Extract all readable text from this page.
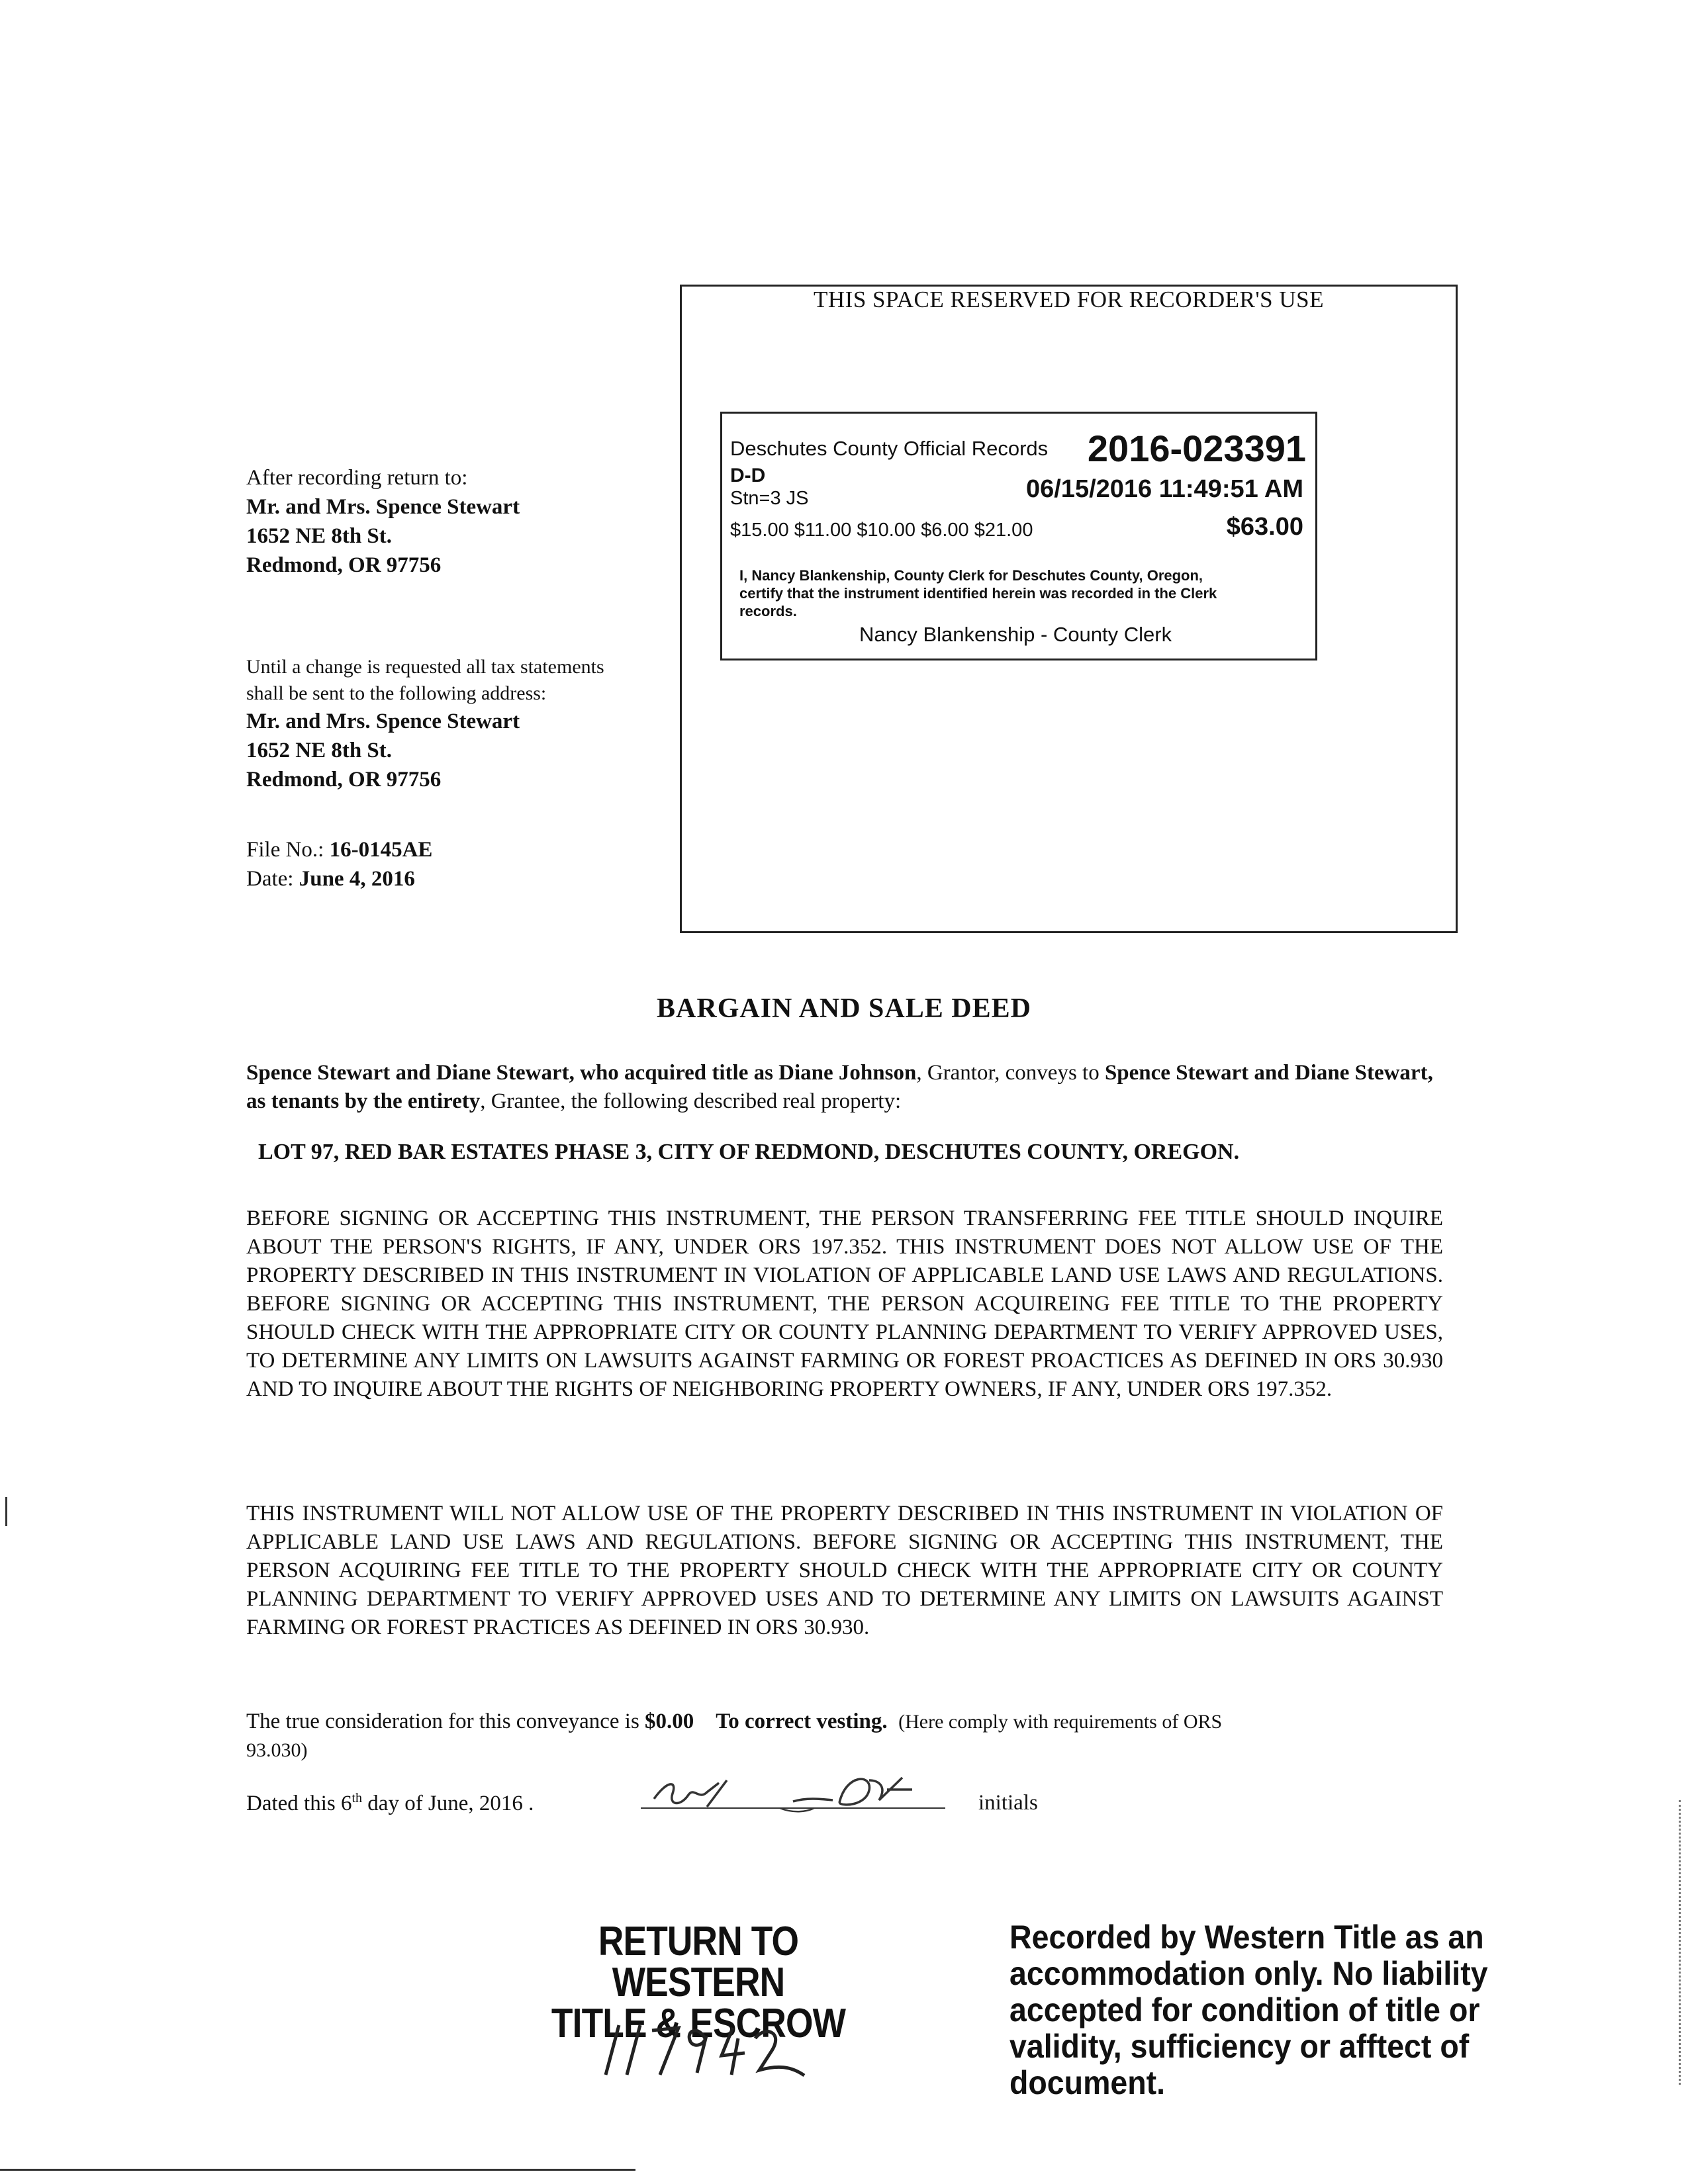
THIS SPACE RESERVED FOR RECORDER'S USE
Deschutes County Official Records 2016-023391
D-D
Stn=3 JS	06/15/2016 11:49:51 AM
$15.00 $11.00 $10.00 $6.00 $21.00	$63.00
I, Nancy Blankenship, County Clerk for Deschutes County, Oregon,
certify that the instrument identified herein was recorded in the Clerk
records.
Nancy Blankenship - County Clerk
After recording return to:
Mr. and Mrs. Spence Stewart
1652 NE 8th St.
Redmond, OR 97756
Until a change is requested all tax statements
shall be sent to the following address:
Mr. and Mrs. Spence Stewart
1652 NE 8th St.
Redmond, OR 97756
File No.: 16-0145AE
Date: June 4, 2016
BARGAIN AND SALE DEED
Spence Stewart and Diane Stewart, who acquired title as Diane Johnson, Grantor, conveys to Spence Stewart and Diane Stewart, as tenants by the entirety, Grantee, the following described real property:
LOT 97, RED BAR ESTATES PHASE 3, CITY OF REDMOND, DESCHUTES COUNTY, OREGON.
BEFORE SIGNING OR ACCEPTING THIS INSTRUMENT, THE PERSON TRANSFERRING FEE TITLE SHOULD INQUIRE ABOUT THE PERSON'S RIGHTS, IF ANY, UNDER ORS 197.352. THIS INSTRUMENT DOES NOT ALLOW USE OF THE PROPERTY DESCRIBED IN THIS INSTRUMENT IN VIOLATION OF APPLICABLE LAND USE LAWS AND REGULATIONS. BEFORE SIGNING OR ACCEPTING THIS INSTRUMENT, THE PERSON ACQUIREING FEE TITLE TO THE PROPERTY SHOULD CHECK WITH THE APPROPRIATE CITY OR COUNTY PLANNING DEPARTMENT TO VERIFY APPROVED USES, TO DETERMINE ANY LIMITS ON LAWSUITS AGAINST FARMING OR FOREST PROACTICES AS DEFINED IN ORS 30.930 AND TO INQUIRE ABOUT THE RIGHTS OF NEIGHBORING PROPERTY OWNERS, IF ANY, UNDER ORS 197.352.
THIS INSTRUMENT WILL NOT ALLOW USE OF THE PROPERTY DESCRIBED IN THIS INSTRUMENT IN VIOLATION OF APPLICABLE LAND USE LAWS AND REGULATIONS. BEFORE SIGNING OR ACCEPTING THIS INSTRUMENT, THE PERSON ACQUIRING FEE TITLE TO THE PROPERTY SHOULD CHECK WITH THE APPROPRIATE CITY OR COUNTY PLANNING DEPARTMENT TO VERIFY APPROVED USES AND TO DETERMINE ANY LIMITS ON LAWSUITS AGAINST FARMING OR FOREST PRACTICES AS DEFINED IN ORS 30.930.
The true consideration for this conveyance is $0.00 To correct vesting. (Here comply with requirements of ORS
93.030)
Dated this 6th day of June, 2016 .	initials
RETURN TO WESTERN
TITLE & ESCROW
Recorded by Western Title as an
accommodation only. No liability
accepted for condition of title or
validity, sufficiency or afftect of
document.
